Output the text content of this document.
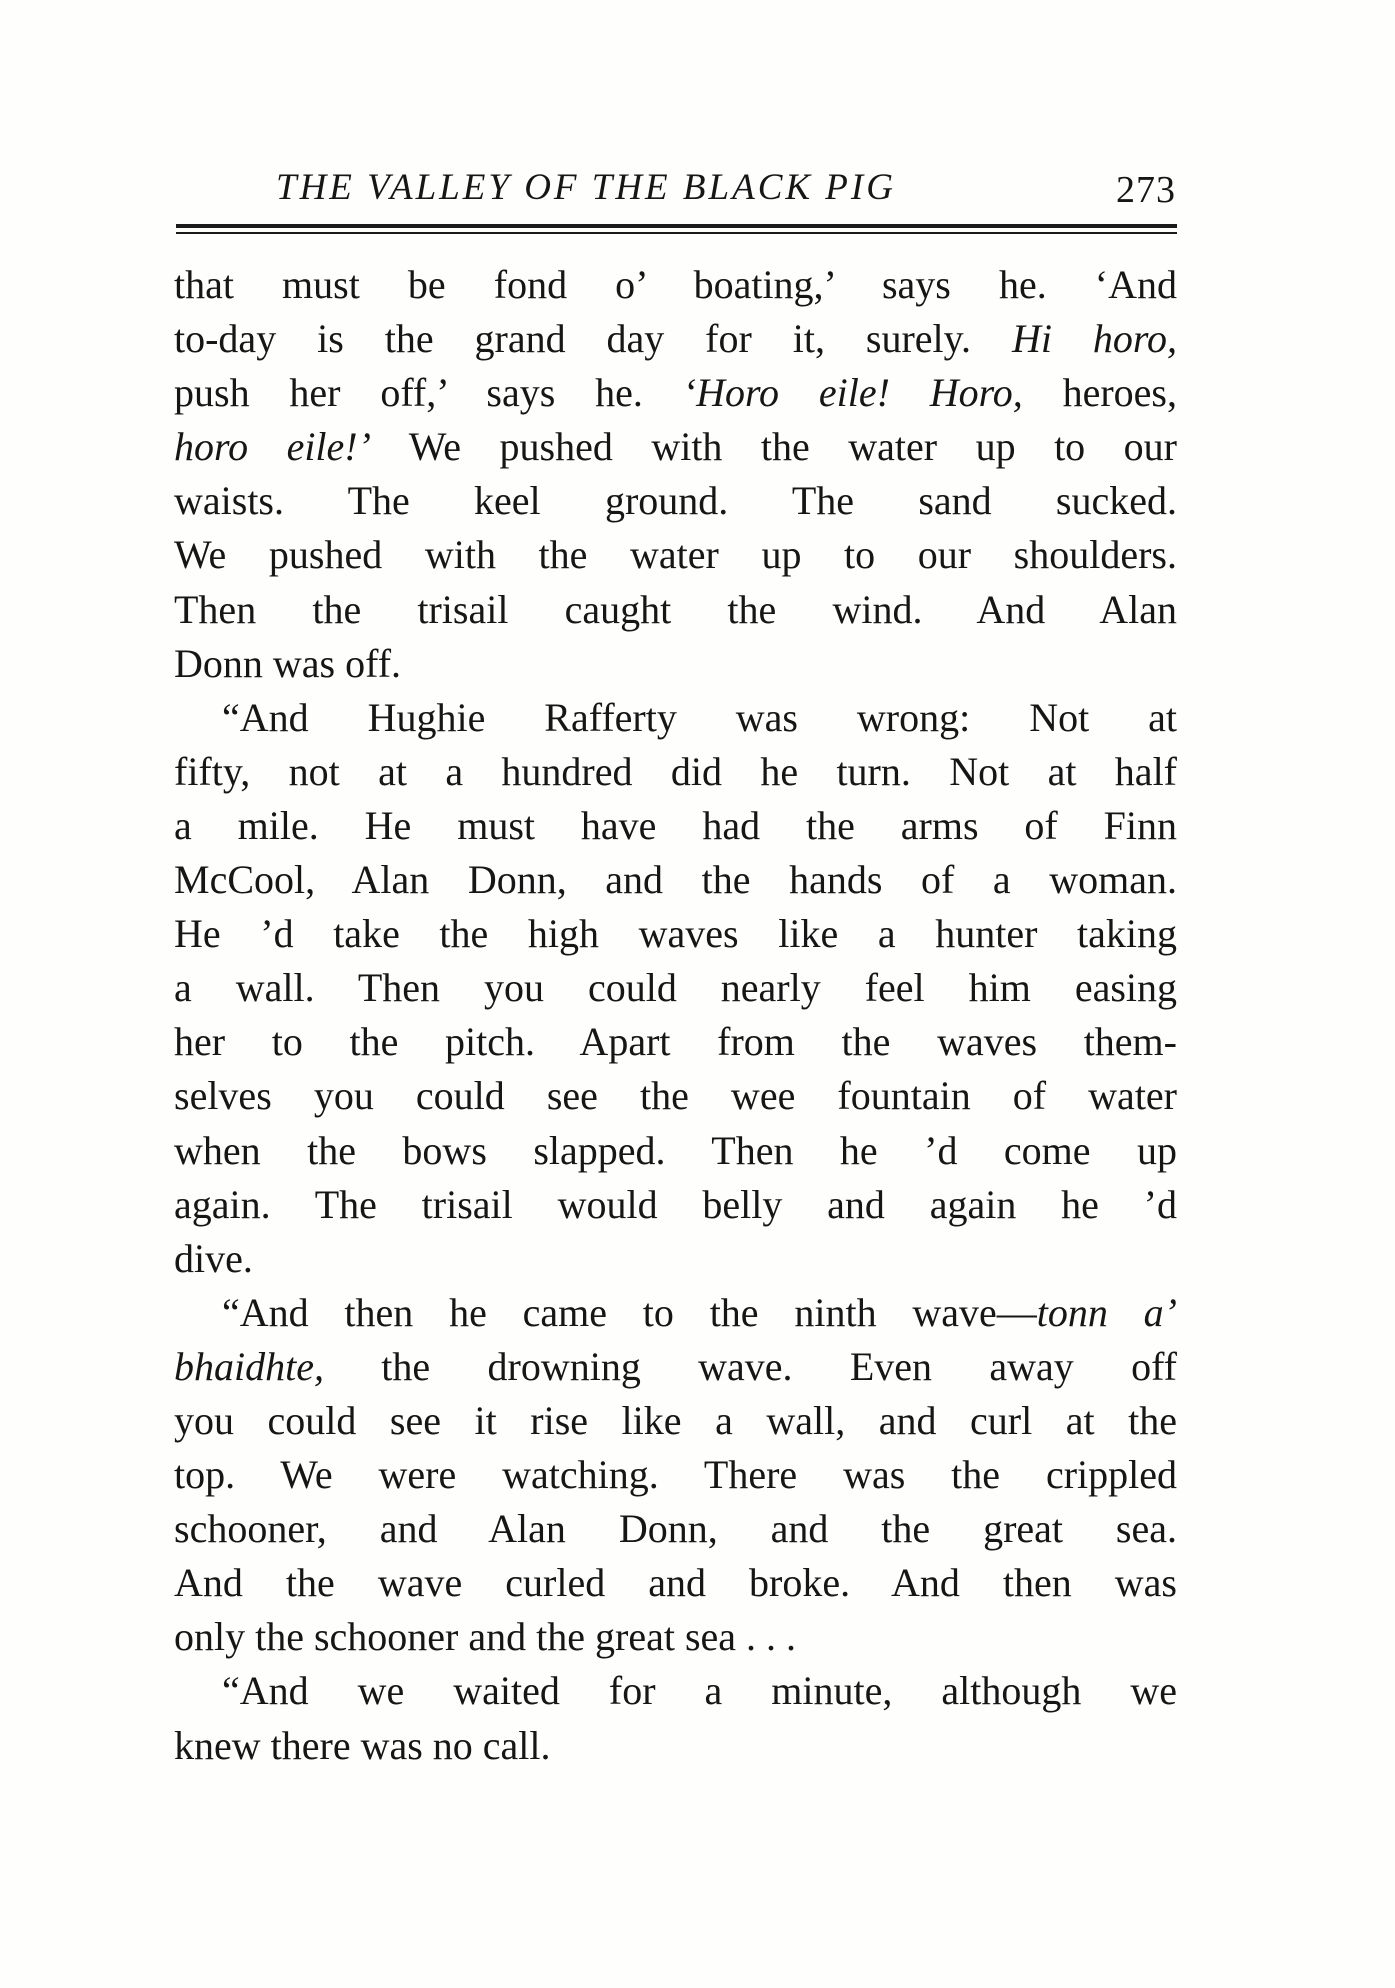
THE VALLEY OF THE BLACK PIG	273
that must be fond o’ boating,’ says he. ‘And
to-day is the grand day for it, surely. Hi horo,
push her off,’ says he. ‘Horo eile! Horo, heroes,
horo eile!’ We pushed with the water up to our
waists. The keel ground. The sand sucked.
We pushed with the water up to our shoulders.
Then the trisail caught the wind. And Alan
Donn was off.
“And Hughie Rafferty was wrong: Not at
fifty, not at a hundred did he turn. Not at half
a mile. He must have had the arms of Finn
McCool, Alan Donn, and the hands of a woman.
He ’d take the high waves like a hunter taking
a wall. Then you could nearly feel him easing
her to the pitch. Apart from the waves them-
selves you could see the wee fountain of water
when the bows slapped. Then he ’d come up
again. The trisail would belly and again he ’d
dive.
“And then he came to the ninth wave—tonn a’
bhaidhte, the drowning wave. Even away off
you could see it rise like a wall, and curl at the
top. We were watching. There was the crippled
schooner, and Alan Donn, and the great sea.
And the wave curled and broke. And then was
only the schooner and the great sea . . .
“And we waited for a minute, although we
knew there was no call.
